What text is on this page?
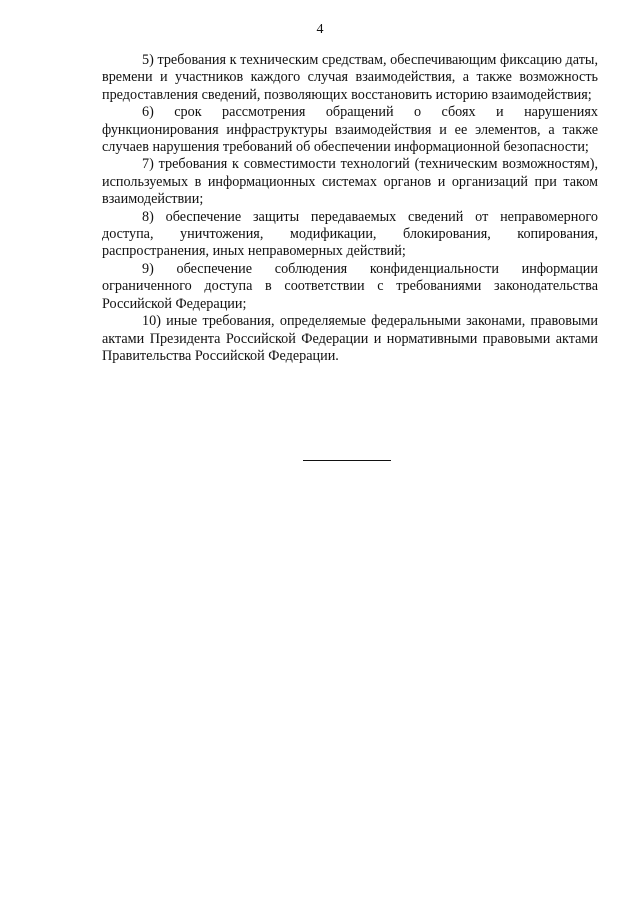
4

5) требования к техническим средствам, обеспечивающим фиксацию даты, времени и участников каждого случая взаимодействия, а также возможность предоставления сведений, позволяющих восстановить историю взаимодействия;

6) срок рассмотрения обращений о сбоях и нарушениях функционирования инфраструктуры взаимодействия и ее элементов, а также случаев нарушения требований об обеспечении информационной безопасности;

7) требования к совместимости технологий (техническим возможностям), используемых в информационных системах органов и организаций при таком взаимодействии;

8) обеспечение защиты передаваемых сведений от неправомерного доступа, уничтожения, модификации, блокирования, копирования, распространения, иных неправомерных действий;

9) обеспечение соблюдения конфиденциальности информации ограниченного доступа в соответствии с требованиями законодательства Российской Федерации;

10) иные требования, определяемые федеральными законами, правовыми актами Президента Российской Федерации и нормативными правовыми актами Правительства Российской Федерации.
